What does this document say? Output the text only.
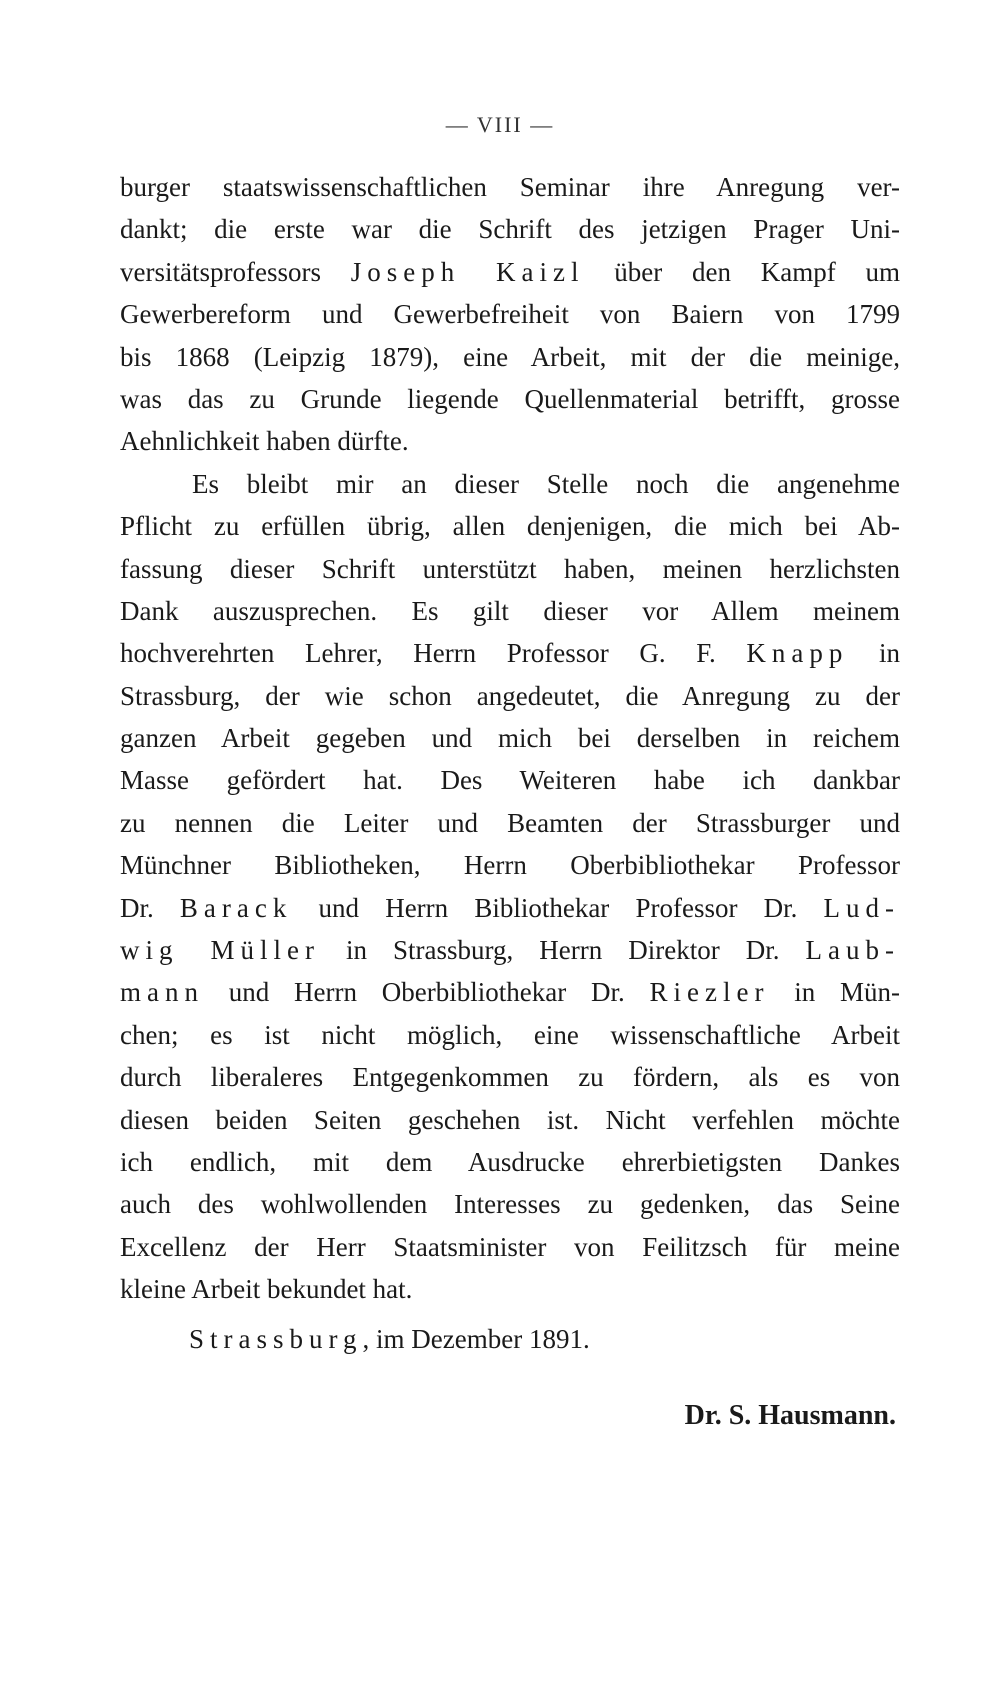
— VIII —
burger staatswissenschaftlichen Seminar ihre Anregung ver-
dankt; die erste war die Schrift des jetzigen Prager Uni-
versitätsprofessors Joseph Kaizl über den Kampf um
Gewerbereform und Gewerbefreiheit von Baiern von 1799
bis 1868 (Leipzig 1879), eine Arbeit, mit der die meinige,
was das zu Grunde liegende Quellenmaterial betrifft, grosse
Aehnlichkeit haben dürfte.
Es bleibt mir an dieser Stelle noch die angenehme
Pflicht zu erfüllen übrig, allen denjenigen, die mich bei Ab-
fassung dieser Schrift unterstützt haben, meinen herzlichsten
Dank auszusprechen. Es gilt dieser vor Allem meinem
hochverehrten Lehrer, Herrn Professor G. F. Knapp in
Strassburg, der wie schon angedeutet, die Anregung zu der
ganzen Arbeit gegeben und mich bei derselben in reichem
Masse gefördert hat. Des Weiteren habe ich dankbar
zu nennen die Leiter und Beamten der Strassburger und
Münchner Bibliotheken, Herrn Oberbibliothekar Professor
Dr. Barack und Herrn Bibliothekar Professor Dr. Lud-
wig Müller in Strassburg, Herrn Direktor Dr. Laub-
mann und Herrn Oberbibliothekar Dr. Riezler in Mün-
chen; es ist nicht möglich, eine wissenschaftliche Arbeit
durch liberaleres Entgegenkommen zu fördern, als es von
diesen beiden Seiten geschehen ist. Nicht verfehlen möchte
ich endlich, mit dem Ausdrucke ehrerbietigsten Dankes
auch des wohlwollenden Interesses zu gedenken, das Seine
Excellenz der Herr Staatsminister von Feilitzsch für meine
kleine Arbeit bekundet hat.
Strassburg, im Dezember 1891.
Dr. S. Hausmann.
